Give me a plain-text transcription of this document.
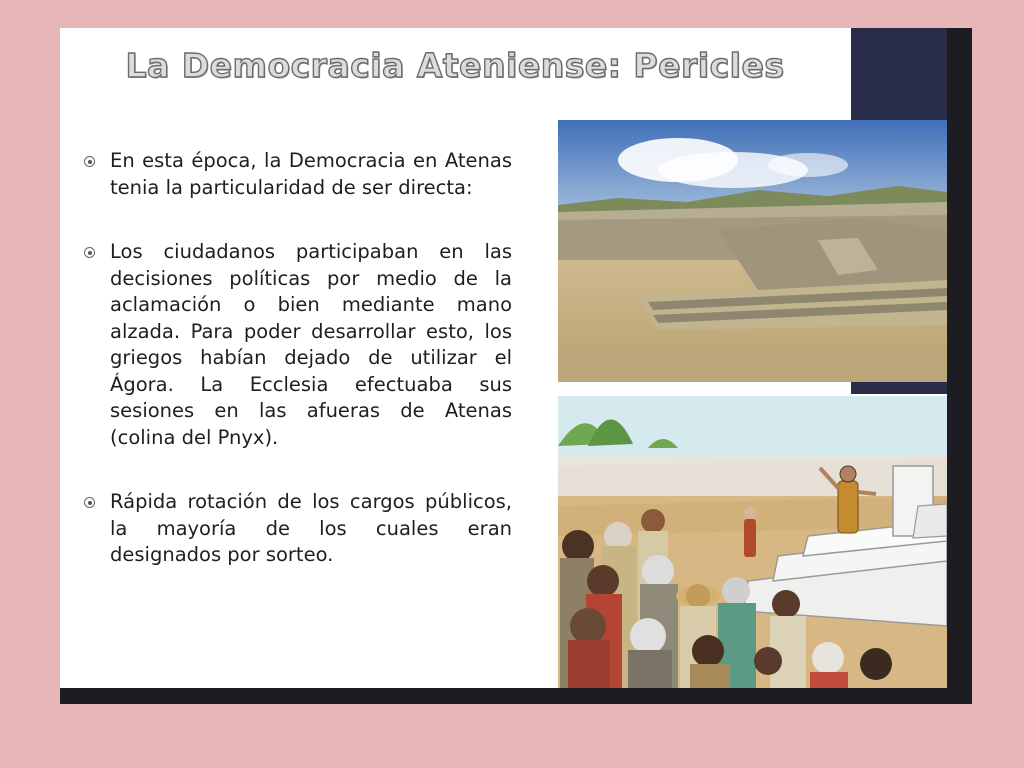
La Democracia Ateniense: Pericles
En esta época, la Democracia en Atenas tenia la particularidad de ser directa:
Los ciudadanos participaban en las decisiones políticas por medio de la aclamación o bien mediante mano alzada. Para poder desarrollar esto, los griegos habían dejado de utilizar el Ágora. La Ecclesia efectuaba sus sesiones en las afueras de Atenas (colina del Pnyx).
Rápida rotación de los cargos públicos, la mayoría de los cuales eran designados por sorteo.
